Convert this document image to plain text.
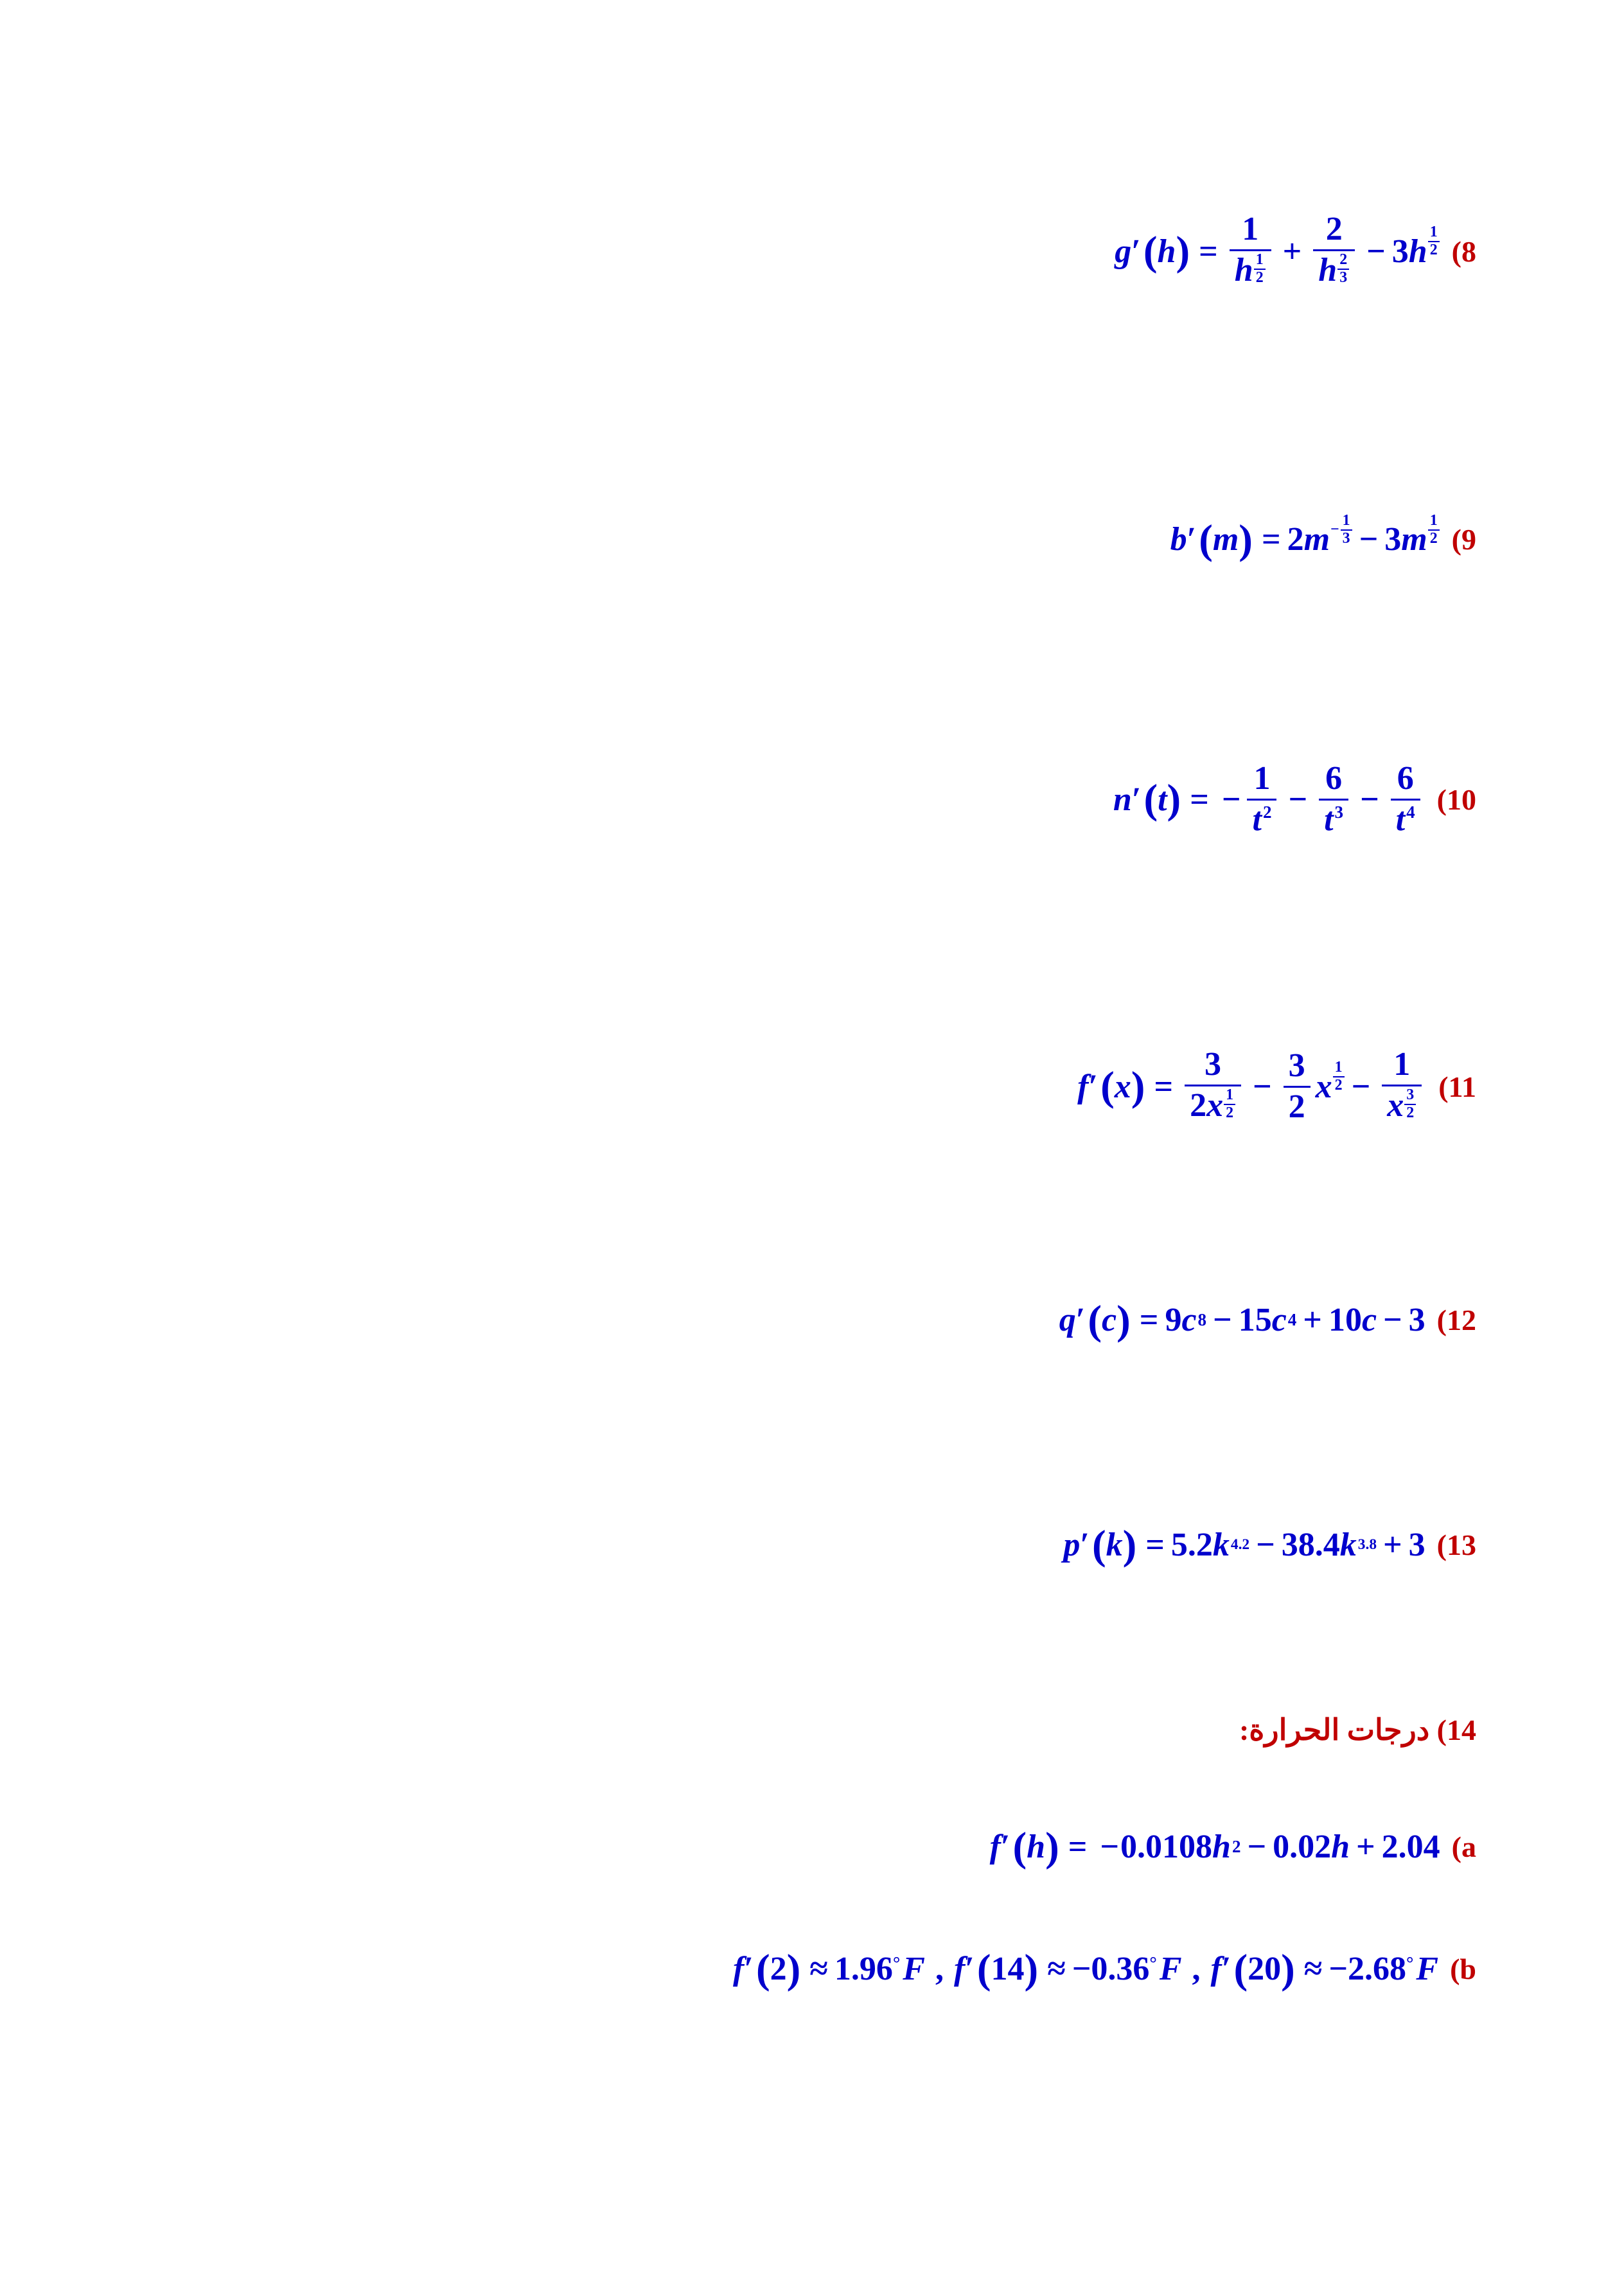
g ′ ( h ) = $\frac{1}{h \frac{1}{2}} + \frac{2}{h \frac{2}{3}} - 3$ h $\frac{1}{2} (8$
b ′ ( m ) = 2 $m - \frac{1}{3} - 3$ m $\frac{1}{2} (9$
n ′ ( t ) = − $\frac{1}{t^2} - \frac{6}{t^3} - \frac{6}{t^4} (10$
f ′ ( x ) = $\frac{3}{2x \frac{1}{2}} - \frac{3}{2}$ x $\frac{1}{2} - \frac{1}{x \frac{3}{2}} (11$
q ′ ( c ) = 9 c 8 − 15 c 4 + 10 c − 3 (12
p ′ ( k ) = 5.2 k 4.2 − 38.4 k 3.8 + 3 (13
14) درجات الحرارة:
f ′ ( h ) = − 0.0108 h 2 − 0.02 h + 2.04 (a
f ′ ( 2 ) ≈ 1.96 ° F , f ′ ( 14 ) ≈ −0.36 ° F , f ′ ( 20 ) ≈ −2.68 ° F (b
